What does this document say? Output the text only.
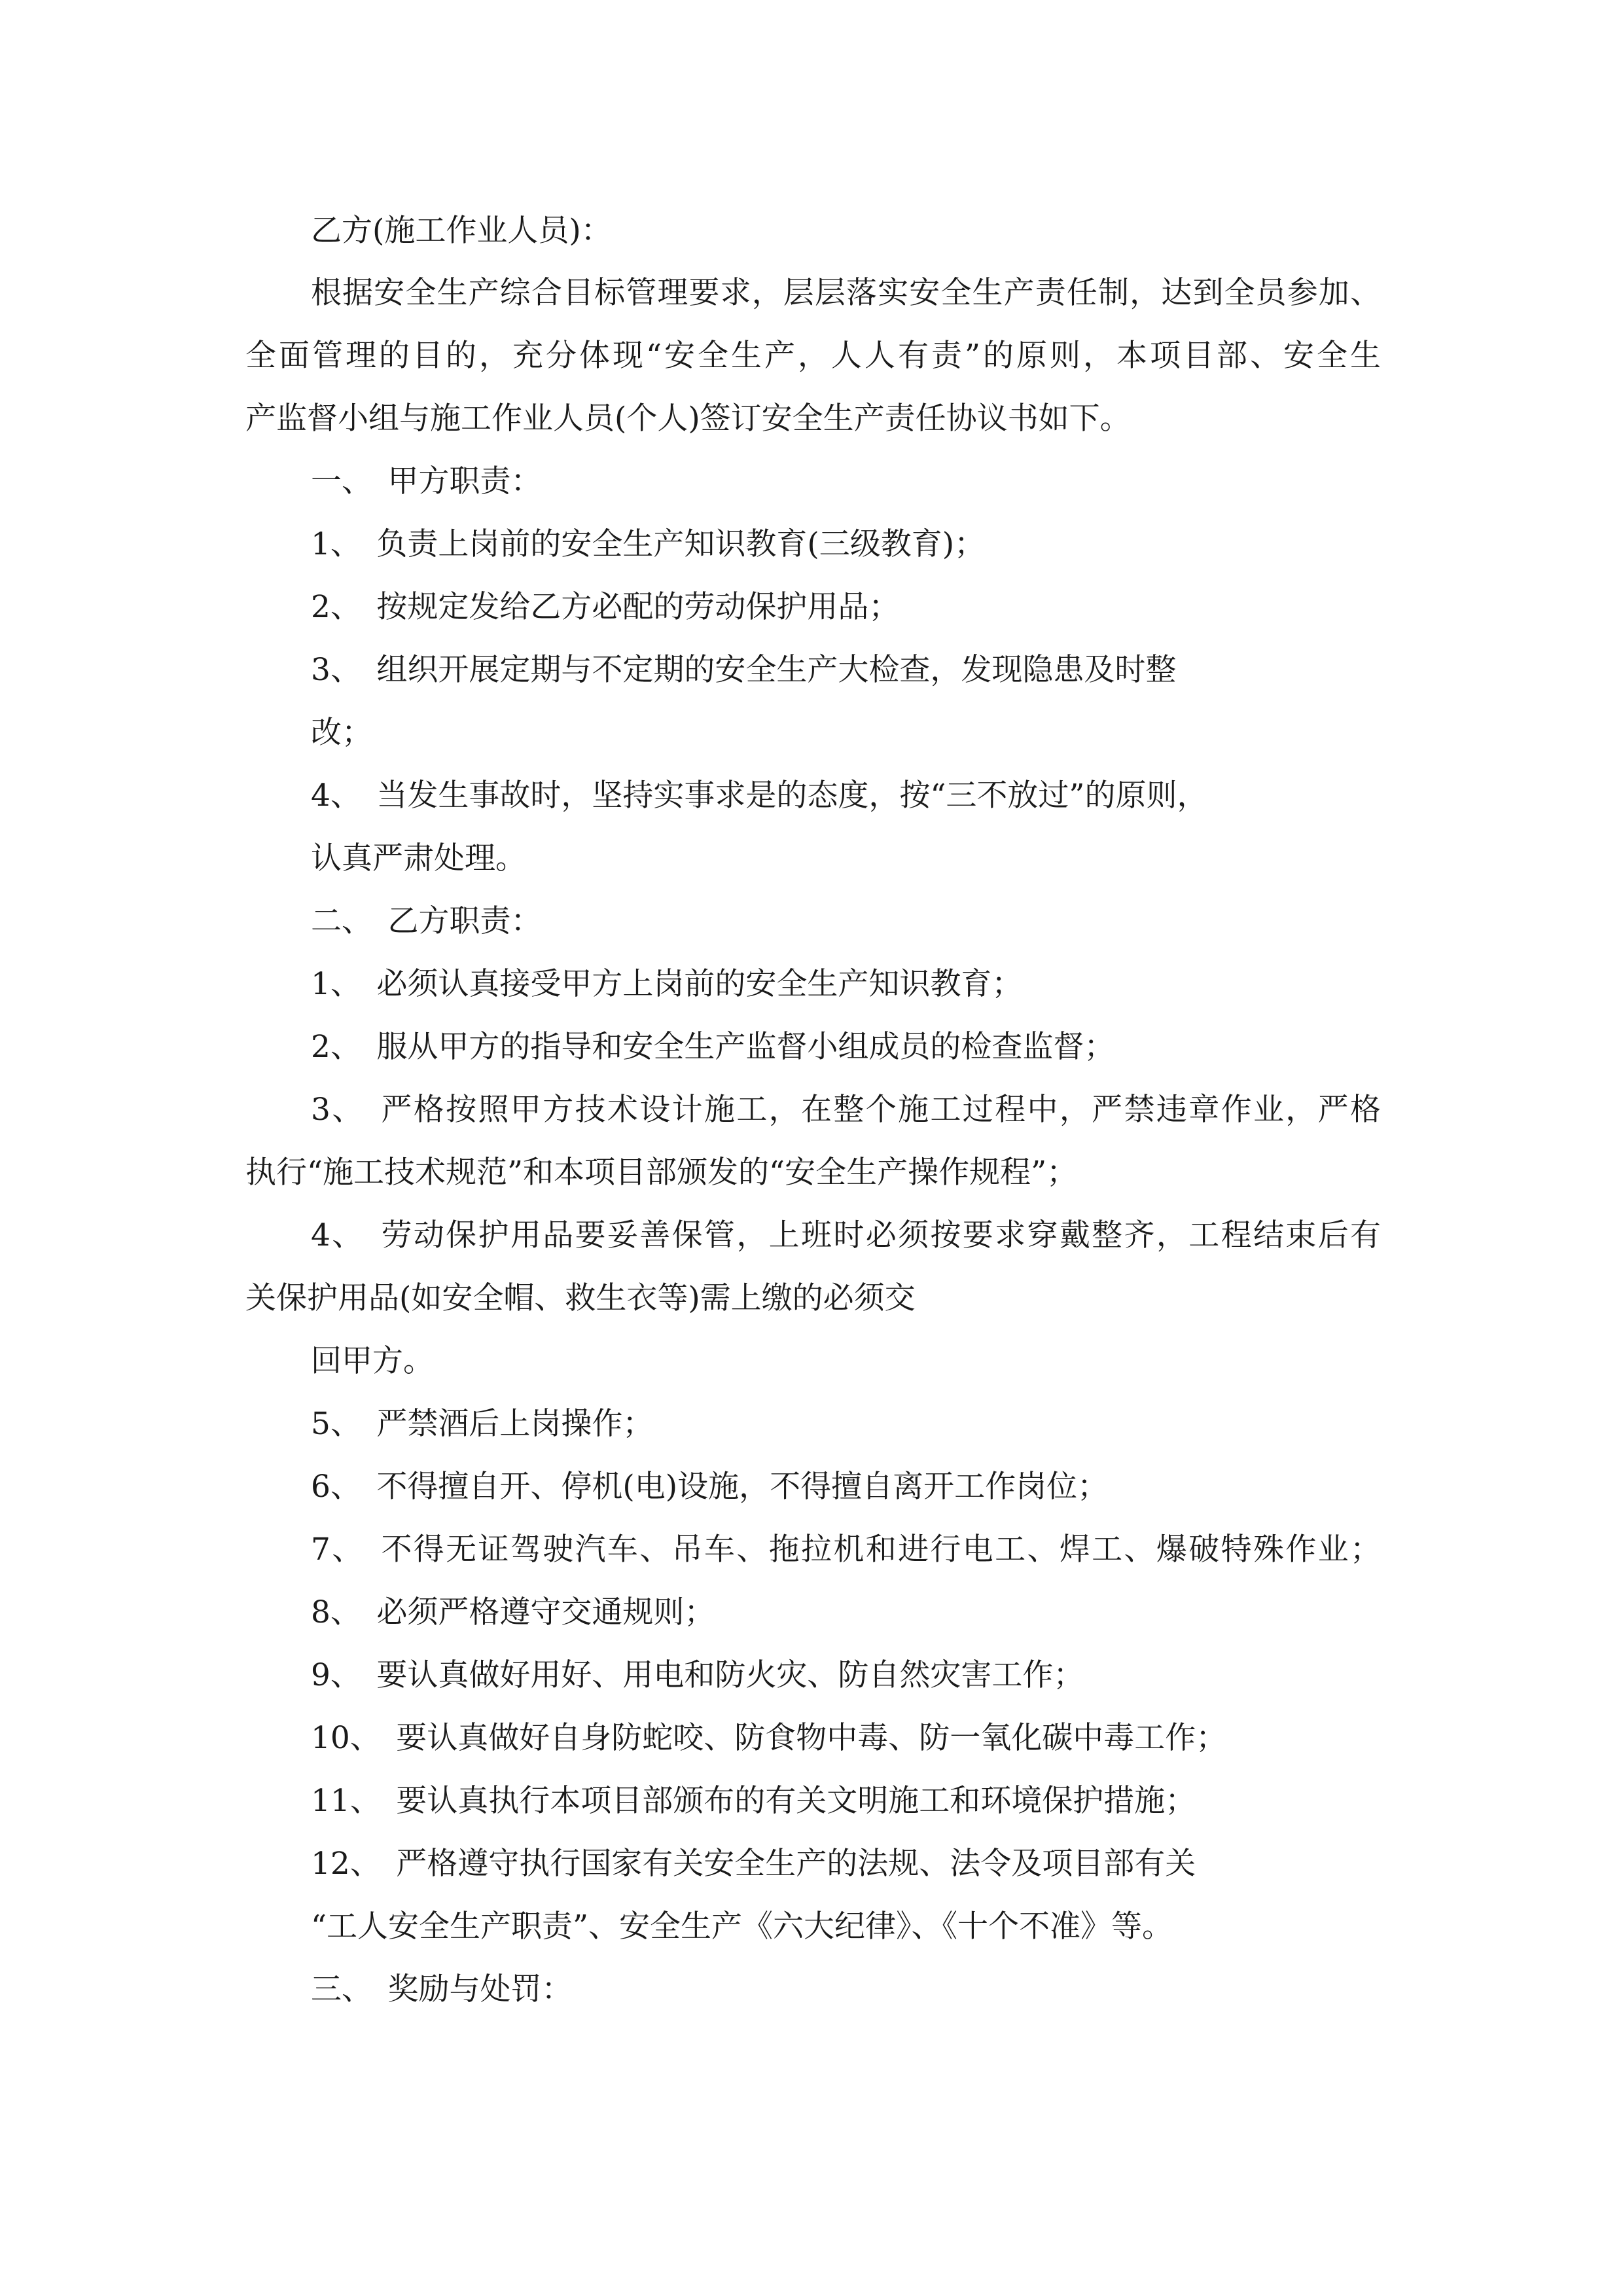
乙方(施工作业人员)：
根据安全生产综合目标管理要求，层层落实安全生产责任制，达到全员参加、
全面管理的目的，充分体现“安全生产，人人有责”的原则，本项目部、安全生
产监督小组与施工作业人员(个人)签订安全生产责任协议书如下。
一、　甲方职责：
1、　负责上岗前的安全生产知识教育(三级教育)；
2、　按规定发给乙方必配的劳动保护用品；
3、　组织开展定期与不定期的安全生产大检查，发现隐患及时整
改；
4、　当发生事故时，坚持实事求是的态度，按“三不放过”的原则，
认真严肃处理。
二、　乙方职责：
1、　必须认真接受甲方上岗前的安全生产知识教育；
2、　服从甲方的指导和安全生产监督小组成员的检查监督；
3、　严格按照甲方技术设计施工，在整个施工过程中，严禁违章作业，严格
执行“施工技术规范”和本项目部颁发的“安全生产操作规程”；
4、　劳动保护用品要妥善保管，上班时必须按要求穿戴整齐，工程结束后有
关保护用品(如安全帽、救生衣等)需上缴的必须交
回甲方。
5、　严禁酒后上岗操作；
6、　不得擅自开、停机(电)设施，不得擅自离开工作岗位；
7、　不得无证驾驶汽车、吊车、拖拉机和进行电工、焊工、爆破特殊作业；
8、　必须严格遵守交通规则；
9、　要认真做好用好、用电和防火灾、防自然灾害工作；
10、　要认真做好自身防蛇咬、防食物中毒、防一氧化碳中毒工作；
11、　要认真执行本项目部颁布的有关文明施工和环境保护措施；
12、　严格遵守执行国家有关安全生产的法规、法令及项目部有关
“工人安全生产职责”、安全生产《六大纪律》、《十个不准》等。
三、　奖励与处罚：
